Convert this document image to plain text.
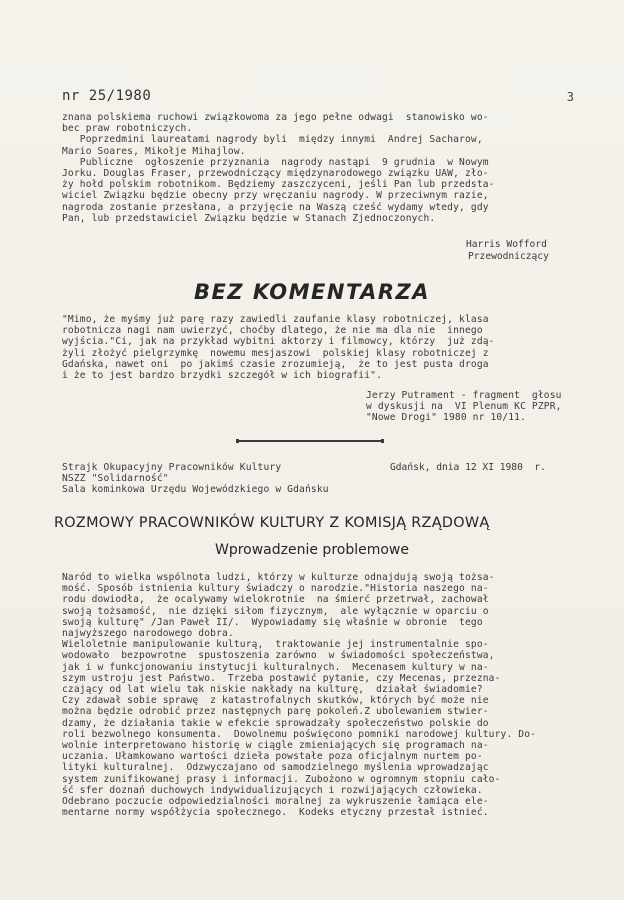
nr 25/1980	3

znana polskiema ruchowi związkowoma za jego pełne odwagi  stanowisko wo-

bec praw robotniczych.

Poprzedmini laureatami nagrody byli  między innymi  Andrej Sacharow,

Mario Soares, Mikołje Mihajlow.

Publiczne  ogłoszenie przyznania  nagrody nastąpi  9 grudnia  w Nowym

Jorku. Douglas Fraser, przewodniczący międzynarodowego związku UAW, zło-

ży hołd polskim robotnikom. Będziemy zaszczyceni, jeśli Pan lub przedsta-

wiciel Związku będzie obecny przy wręczaniu nagrody. W przeciwnym razie,

nagroda zostanie przesłana, a przyjęcie na Waszą cześć wydamy wtedy, gdy

Pan, lub przedstawiciel Związku będzie w Stanach Zjednoczonych.

Harris Wofford
Przewodniczący
BEZ KOMENTARZA

"Mimo, że myśmy już parę razy zawiedli zaufanie klasy robotniczej, klasa

robotnicza nagi nam uwierzyć, choćby dlatego, że nie ma dla nie  innego

wyjścia."Ci, jak na przykład wybitni aktorzy i filmowcy, którzy  już zdą-

żyli złożyć pielgrzymkę  nowemu mesjaszowi  polskiej klasy robotniczej z

Gdańska, nawet oni  po jakimś czasie zrozumieją,  że to jest pusta droga

i że to jest bardzo brzydki szczegół w ich biografii".

Jerzy Putrament - fragment  głosu

w dyskusji na  VI Plenum KC PZPR,

"Nowe Drogi" 1980 nr 10/11.

Strajk Okupacyjny Pracowników Kultury

NSZZ "Solidarność"

Sala kominkowa Urzędu Wojewódzkiego w Gdańsku

Gdańsk, dnia 12 XI 1980  r.
ROZMOWY PRACOWNIKÓW KULTURY Z KOMISJĄ RZĄDOWĄ
Wprowadzenie problemowe

Naród to wielka wspólnota ludzi, którzy w kulturze odnajdują swoją tożsa-

mość. Sposób istnienia kultury świadczy o narodzie."Historia naszego na-

rodu dowiodła,  że ocalywamy wielokrotnie  na śmierć przetrwał, zachował

swoją tożsamość,  nie dzięki siłom fizycznym,  ale wyłącznie w oparciu o

swoją kulturę" /Jan Paweł II/.  Wypowiadamy się właśnie w obronie  tego

najwyższego narodowego dobra.

Wieloletnie manipulowanie kulturą,  traktowanie jej instrumentalnie spo-

wodowało  bezpowrotne  spustoszenia zarówno  w świadomości społeczeństwa,

jak i w funkcjonowaniu instytucji kulturalnych.  Mecenasem kultury w na-

szym ustroju jest Państwo.  Trzeba postawić pytanie, czy Mecenas, przezna-

czający od lat wielu tak niskie nakłady na kulturę,  działał świadomie?

Czy zdawał sobie sprawę  z katastrofalnych skutków, których być może nie

można będzie odrobić przez następnych parę pokoleń.Z ubolewaniem stwier-

dzamy, że działania takie w efekcie sprowadzały społeczeństwo polskie do

roli bezwolnego konsumenta.  Dowolnemu poświęcono pomniki narodowej kultury. Do-

wolnie interpretowano historię w ciągle zmieniających się programach na-

uczania. Ułamkowano wartości dzieła powstałe poza oficjalnym nurtem po-

lityki kulturalnej.  Odzwyczajano od samodzielnego myślenia wprowadzając

system zunifikowanej prasy i informacji. Zubożono w ogromnym stopniu cało-

ść sfer doznań duchowych indywidualizujących i rozwijających człowieka.

Odebrano poczucie odpowiedzialności moralnej za wykruszenie łamiąca ele-

mentarne normy współżycia społecznego.  Kodeks etyczny przestał istnieć.
